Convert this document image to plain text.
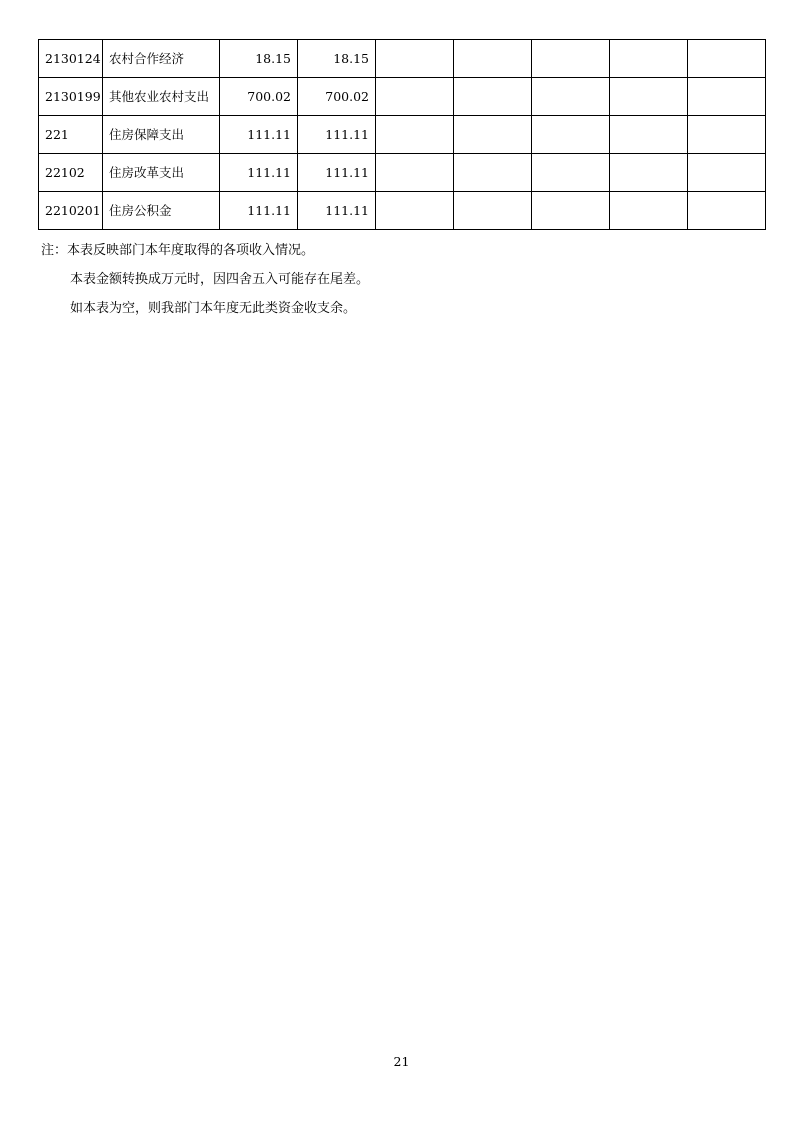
2130124	农村合作经济	18.15	18.15					
2130199	其他农业农村支出	700.02	700.02					
221	住房保障支出	111.11	111.11					
22102	住房改革支出	111.11	111.11					
2210201	住房公积金	111.11	111.11					
注：本表反映部门本年度取得的各项收入情况。
本表金额转换成万元时，因四舍五入可能存在尾差。
如本表为空，则我部门本年度无此类资金收支余。
21
